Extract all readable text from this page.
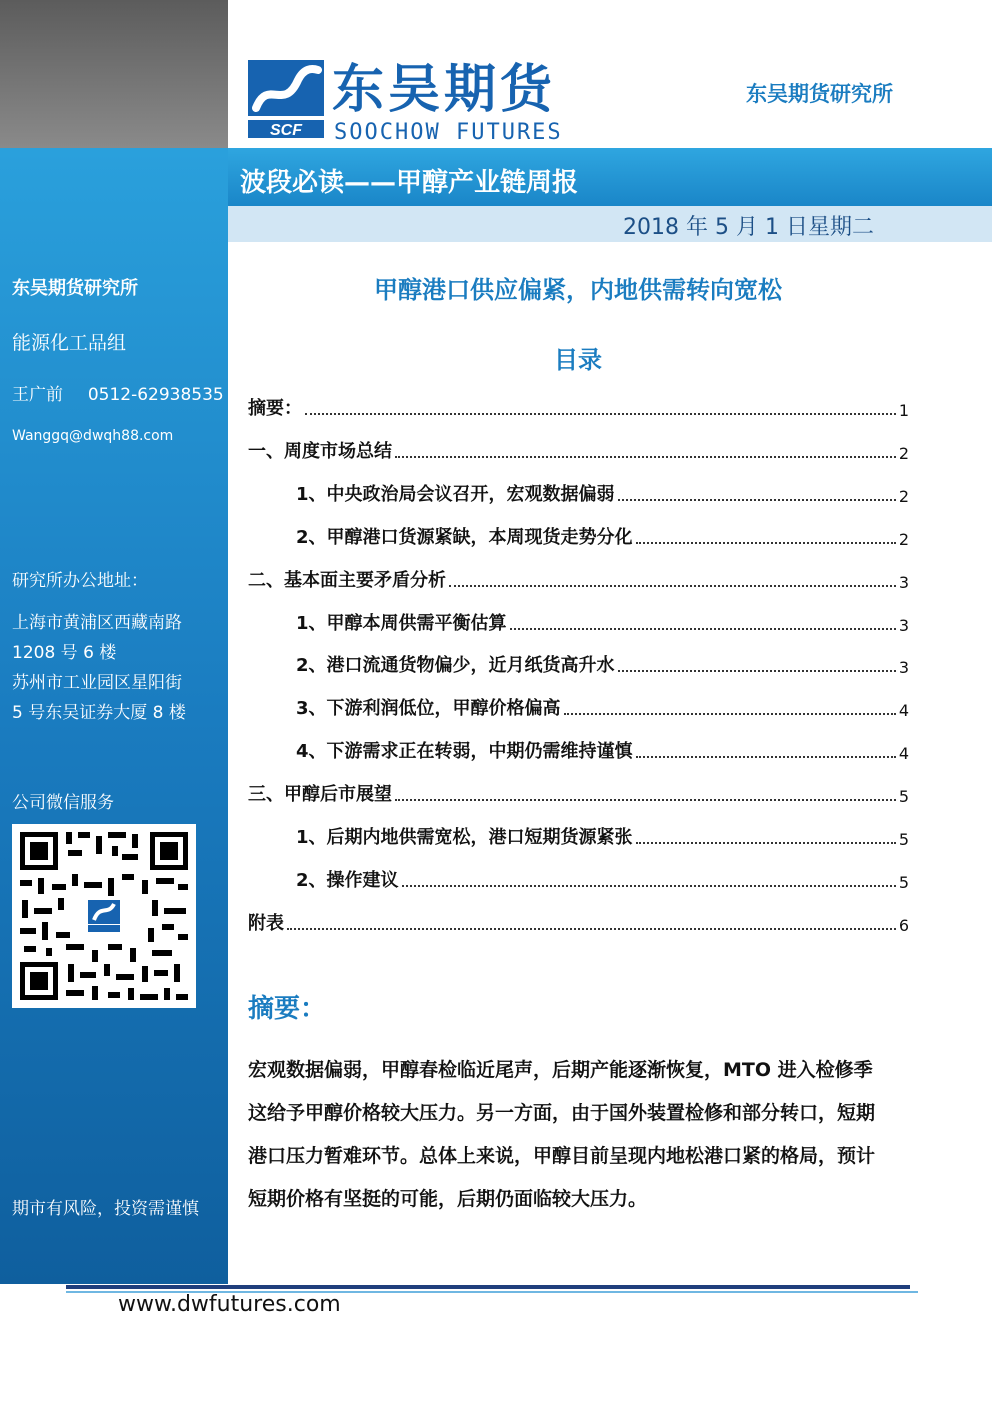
东吴期货研究所
能源化工品组
王广前 0512-62938535
Wanggq@dwqh88.com
研究所办公地址：
上海市黄浦区西藏南路
1208 号 6 楼
苏州市工业园区星阳街
5 号东吴证券大厦 8 楼
公司微信服务
期市有风险，投资需谨慎
SCF
东吴期货
SOOCHOW FUTURES
东吴期货研究所
波段必读——甲醇产业链周报
2018 年 5 月 1 日星期二
甲醇港口供应偏紧，内地供需转向宽松
目录
摘要：	1
一、周度市场总结	2
1、中央政治局会议召开，宏观数据偏弱	2
2、甲醇港口货源紧缺，本周现货走势分化	2
二、基本面主要矛盾分析	3
1、甲醇本周供需平衡估算	3
2、港口流通货物偏少，近月纸货高升水	3
3、下游利润低位，甲醇价格偏高	4
4、下游需求正在转弱，中期仍需维持谨慎	4
三、甲醇后市展望	5
1、后期内地供需宽松，港口短期货源紧张	5
2、操作建议	5
附表	6
摘要：
宏观数据偏弱，甲醇春检临近尾声，后期产能逐渐恢复，MTO 进入检修季
这给予甲醇价格较大压力。另一方面，由于国外装置检修和部分转口，短期
港口压力暂难环节。总体上来说，甲醇目前呈现内地松港口紧的格局，预计
短期价格有坚挺的可能，后期仍面临较大压力。
www.dwfutures.com
